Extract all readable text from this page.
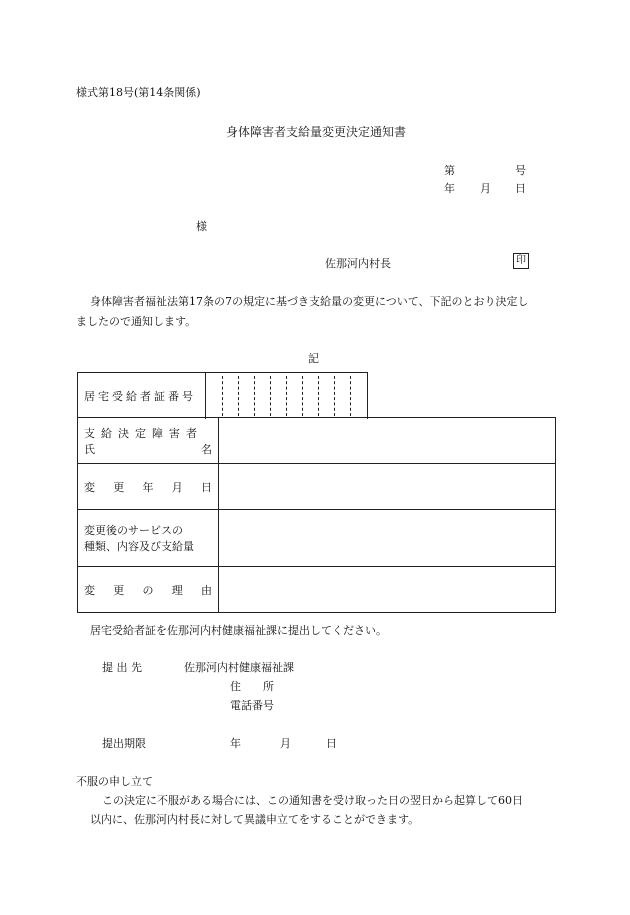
様式第18号(第14条関係)
身体障害者支給量変更決定通知書
第	号
年 月 日
様
佐那河内村長	印
身体障害者福祉法第17条の7の規定に基づき支給量の変更について、下記のとおり決定し
ましたので通知します。
記
居宅受給者証番号
支給決定障害者
氏 名	

変 更 年 月 日	

変更後のサービスの
種類、内容及び支給量	

変 更 の 理 由	

居宅受給者証を佐那河内村健康福祉課に提出してください。
提 出 先	佐那河内村健康福祉課
住　　所
電話番号
提出期限	年	月	日
不服の申し立て
この決定に不服がある場合には、この通知書を受け取った日の翌日から起算して60日
以内に、佐那河内村長に対して異議申立てをすることができます。
